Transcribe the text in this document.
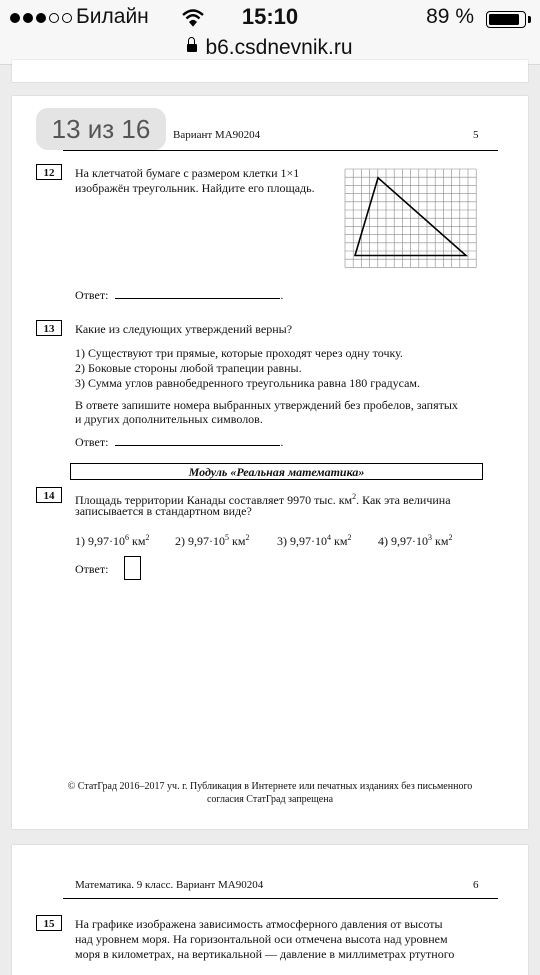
Билайн	15:10	89 %
b6.csdnevnik.ru
Вариант МА90204	5
13 из 16
12	На клетчатой бумаге с размером клетки 1×1
изображён треугольник. Найдите его площадь.
Ответ:	.
13	Какие из следующих утверждений верны?
1) Существуют три прямые, которые проходят через одну точку.
2) Боковые стороны любой трапеции равны.
3) Сумма углов равнобедренного треугольника равна 180 градусам.
В ответе запишите номера выбранных утверждений без пробелов, запятых
и других дополнительных символов.
Ответ:	.
Модуль «Реальная математика»
14	Площадь территории Канады составляет 9970 тыс. $км^2$. Как эта величина
записывается в стандартном виде?
1) $9,97\cdot 10^6$ $км^2$ 2) $9,97\cdot 10^5$ $км^2$ 3) $9,97\cdot 10^4$ $км^2$ 4) $9,97\cdot 10^3$ $км^2$
Ответ:
© СтатГрад 2016–2017 уч. г. Публикация в Интернете или печатных изданиях без письменного
согласия СтатГрад запрещена
Математика. 9 класс. Вариант МА90204	6
15	На графике изображена зависимость атмосферного давления от высоты
над уровнем моря. На горизонтальной оси отмечена высота над уровнем
моря в километрах, на вертикальной — давление в миллиметрах ртутного
